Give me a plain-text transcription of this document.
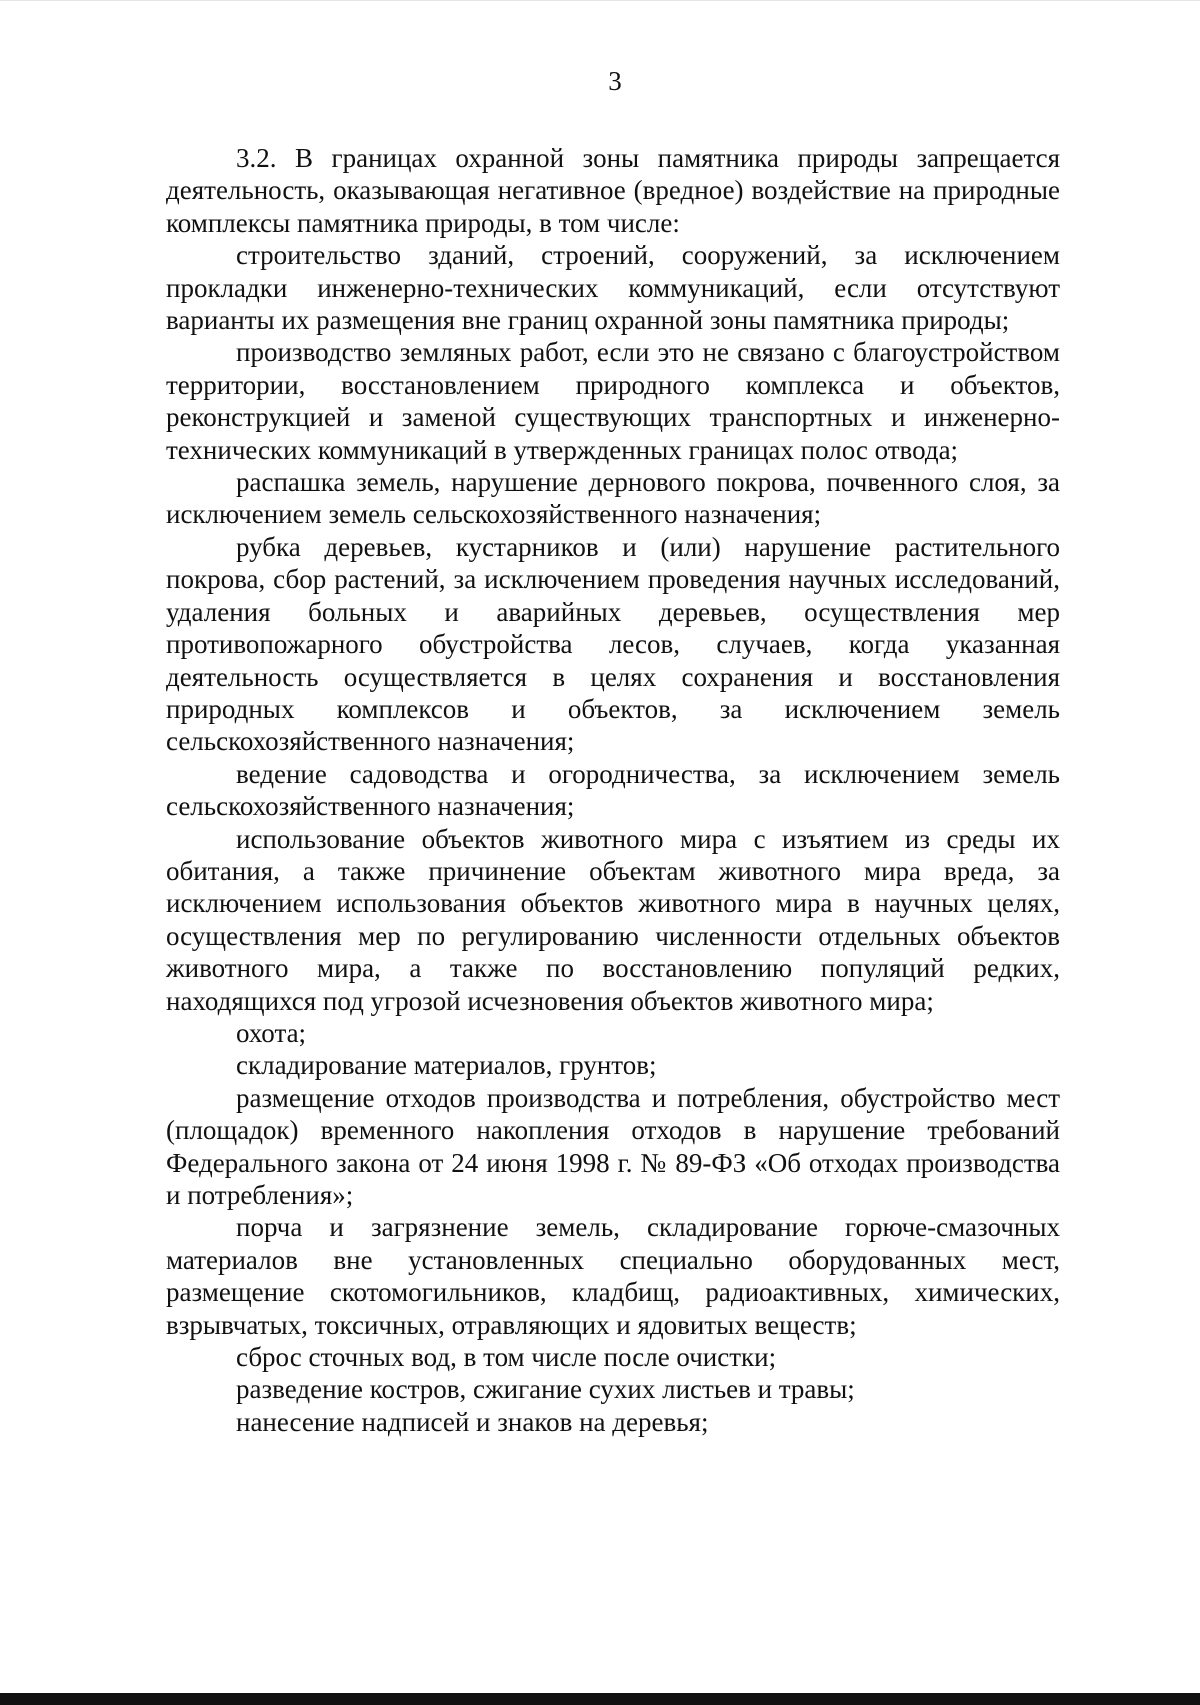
3

3.2. В границах охранной зоны памятника природы запрещается деятельность, оказывающая негативное (вредное) воздействие на природные комплексы памятника природы, в том числе:

строительство зданий, строений, сооружений, за исключением прокладки инженерно-технических коммуникаций, если отсутствуют варианты их размещения вне границ охранной зоны памятника природы;

производство земляных работ, если это не связано с благоустройством территории, восстановлением природного комплекса и объектов, реконструкцией и заменой существующих транспортных и инженерно-технических коммуникаций в утвержденных границах полос отвода;

распашка земель, нарушение дернового покрова, почвенного слоя, за исключением земель сельскохозяйственного назначения;

рубка деревьев, кустарников и (или) нарушение растительного покрова, сбор растений, за исключением проведения научных исследований, удаления больных и аварийных деревьев, осуществления мер противопожарного обустройства лесов, случаев, когда указанная деятельность осуществляется в целях сохранения и восстановления природных комплексов и объектов, за исключением земель сельскохозяйственного назначения;

ведение садоводства и огородничества, за исключением земель сельскохозяйственного назначения;

использование объектов животного мира с изъятием из среды их обитания, а также причинение объектам животного мира вреда, за исключением использования объектов животного мира в научных целях, осуществления мер по регулированию численности отдельных объектов животного мира, а также по восстановлению популяций редких, находящихся под угрозой исчезновения объектов животного мира;

охота;

складирование материалов, грунтов;

размещение отходов производства и потребления, обустройство мест (площадок) временного накопления отходов в нарушение требований Федерального закона от 24 июня 1998 г. № 89-ФЗ «Об отходах производства и потребления»;

порча и загрязнение земель, складирование горюче-смазочных материалов вне установленных специально оборудованных мест, размещение скотомогильников, кладбищ, радиоактивных, химических, взрывчатых, токсичных, отравляющих и ядовитых веществ;

сброс сточных вод, в том числе после очистки;

разведение костров, сжигание сухих листьев и травы;

нанесение надписей и знаков на деревья;
